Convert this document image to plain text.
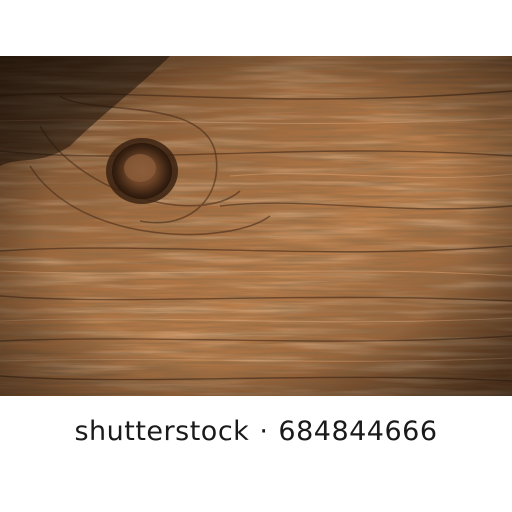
shutterstock · 684844666
